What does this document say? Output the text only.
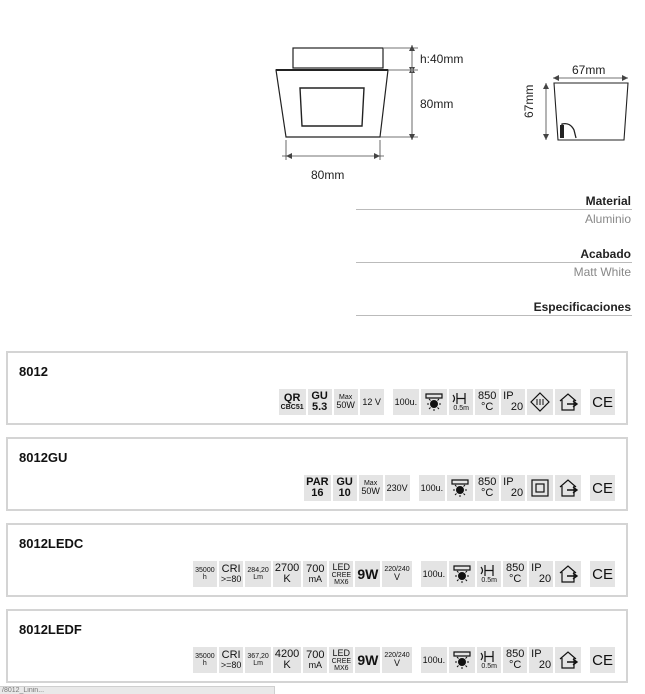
h:40mm
80mm
80mm
67mm
67mm
Material
Aluminio
Acabado
Matt White
Especificaciones
8012
QR
CBC51
GU
5.3
Max
50W 12 V 100u.
0.5m
850
°C
IP
20	CE
8012GU
PAR
16
GU
10
Max
50W 230V 100u.	850
°C
IP
20	CE
8012LEDC
35000
h
CRI
>=80
284,20
Lm
2700
K
700
mA
LED
CREE
MX6 9W 220/240
V	100u.
0.5m
850
°C
IP
20	CE
8012LEDF
35000
h
CRI
>=80
367,20
Lm
4200
K
700
mA
LED
CREE
MX6 9W 220/240
V	100u.
0.5m
850
°C
IP
20	CE
/8012_Linin...
